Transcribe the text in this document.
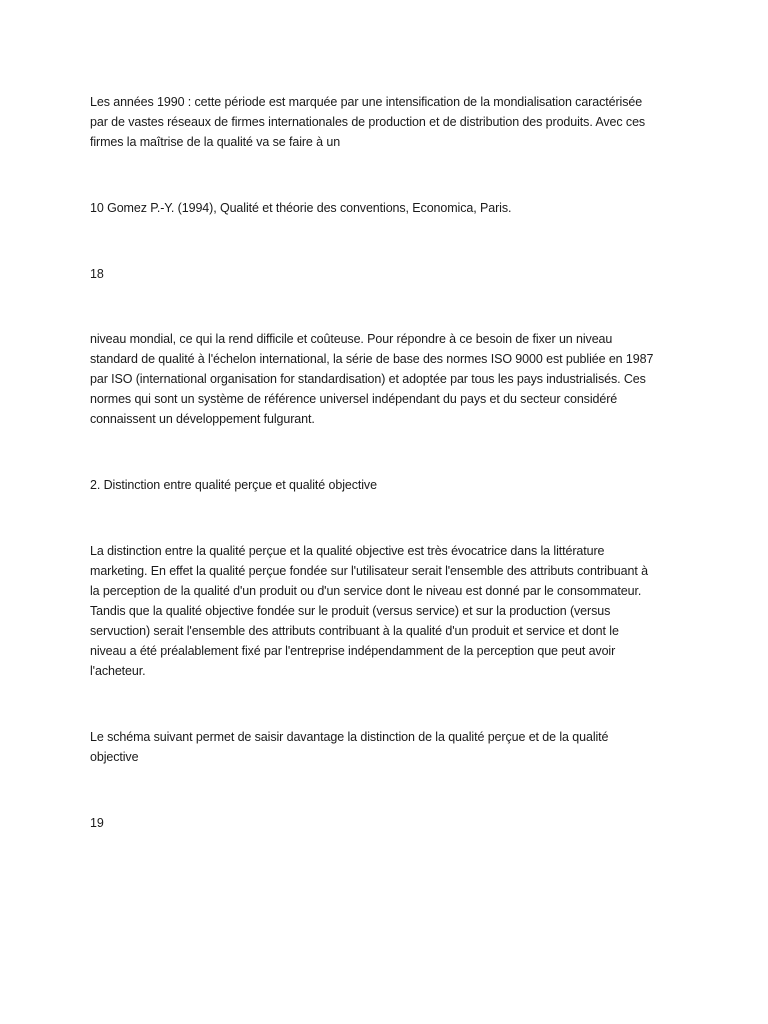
Les années 1990 : cette période est marquée par une intensification de la mondialisation caractérisée
par de vastes réseaux de firmes internationales de production et de distribution des produits. Avec ces
firmes la maîtrise de la qualité va se faire à un

10 Gomez P.-Y. (1994), Qualité et théorie des conventions, Economica, Paris.

18

niveau mondial, ce qui la rend difficile et coûteuse. Pour répondre à ce besoin de fixer un niveau
standard de qualité à l'échelon international, la série de base des normes ISO 9000 est publiée en 1987
par ISO (international organisation for standardisation) et adoptée par tous les pays industrialisés. Ces
normes qui sont un système de référence universel indépendant du pays et du secteur considéré
connaissent un développement fulgurant.

2. Distinction entre qualité perçue et qualité objective

La distinction entre la qualité perçue et la qualité objective est très évocatrice dans la littérature
marketing. En effet la qualité perçue fondée sur l'utilisateur serait l'ensemble des attributs contribuant à
la perception de la qualité d'un produit ou d'un service dont le niveau est donné par le consommateur.
Tandis que la qualité objective fondée sur le produit (versus service) et sur la production (versus
servuction) serait l'ensemble des attributs contribuant à la qualité d'un produit et service et dont le
niveau a été préalablement fixé par l'entreprise indépendamment de la perception que peut avoir
l'acheteur.

Le schéma suivant permet de saisir davantage la distinction de la qualité perçue et de la qualité
objective

19
